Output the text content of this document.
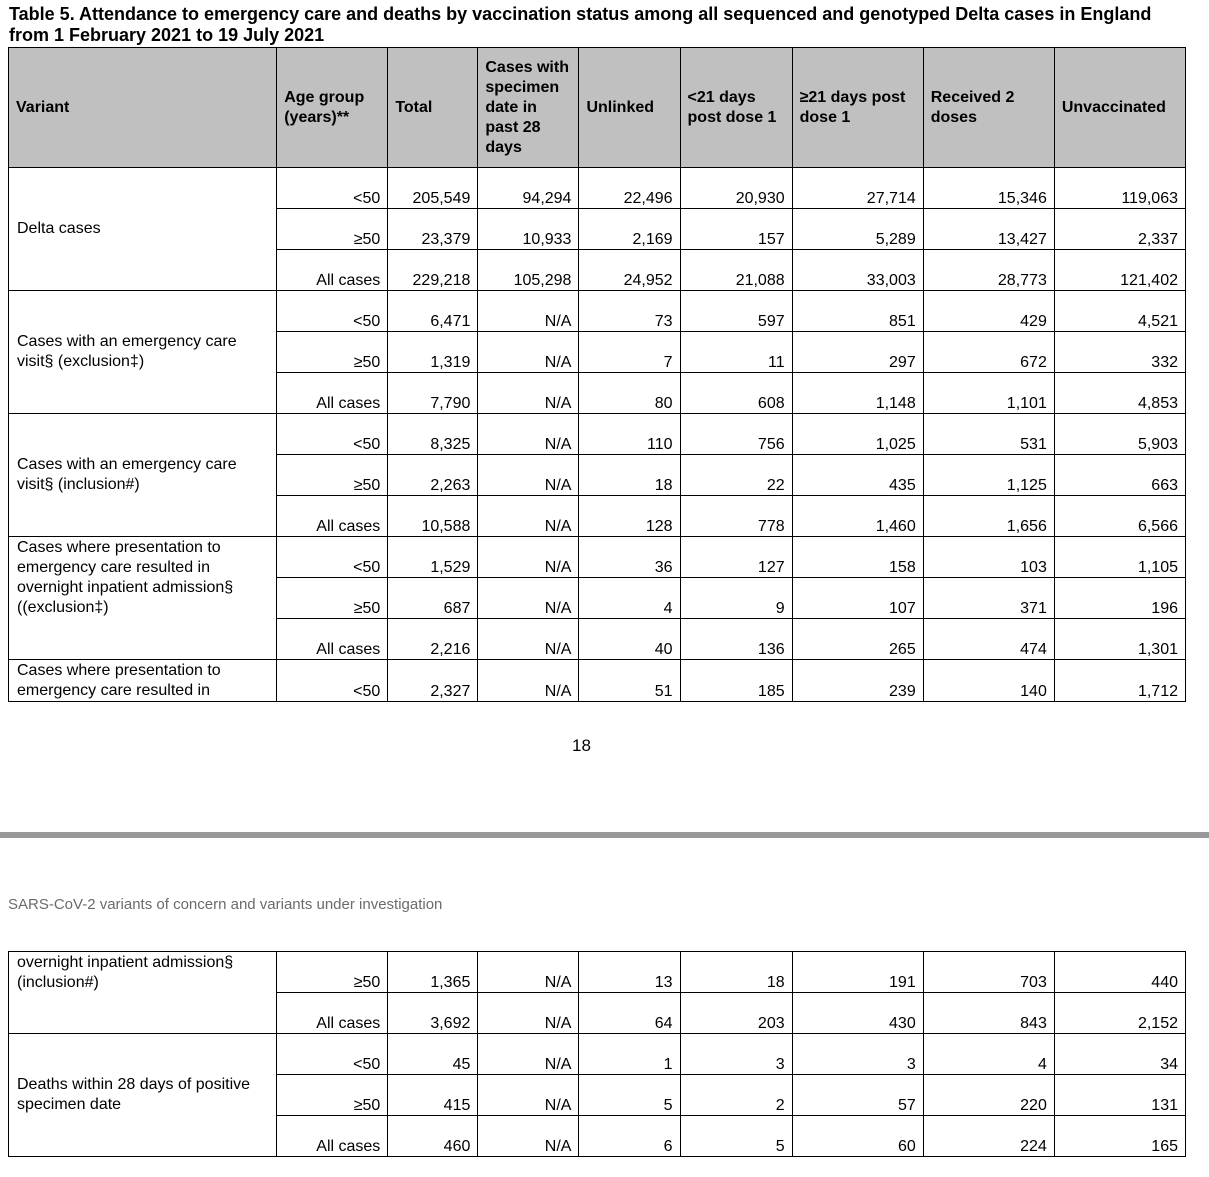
Table 5. Attendance to emergency care and deaths by vaccination status among all sequenced and genotyped Delta cases in England from 1 February 2021 to 19 July 2021
Variant	Age group (years)**	Total	Cases with specimen date in past 28 days	Unlinked	<21 days post dose 1	≥21 days post dose 1	Received 2 doses	Unvaccinated
Delta cases	<50	205,549	94,294	22,496	20,930	27,714	15,346	119,063
	≥50	23,379	10,933	2,169	157	5,289	13,427	2,337
	All cases	229,218	105,298	24,952	21,088	33,003	28,773	121,402
Cases with an emergency care visit§ (exclusion‡)	<50	6,471	N/A	73	597	851	429	4,521
	≥50	1,319	N/A	7	11	297	672	332
	All cases	7,790	N/A	80	608	1,148	1,101	4,853
Cases with an emergency care visit§ (inclusion#)	<50	8,325	N/A	110	756	1,025	531	5,903
	≥50	2,263	N/A	18	22	435	1,125	663
	All cases	10,588	N/A	128	778	1,460	1,656	6,566
Cases where presentation to emergency care resulted in overnight inpatient admission§ ((exclusion‡)	<50	1,529	N/A	36	127	158	103	1,105
	≥50	687	N/A	4	9	107	371	196
	All cases	2,216	N/A	40	136	265	474	1,301
Cases where presentation to emergency care resulted in	<50	2,327	N/A	51	185	239	140	1,712
18
SARS-CoV-2 variants of concern and variants under investigation
overnight inpatient admission§ (inclusion#)	≥50	1,365	N/A	13	18	191	703	440
	All cases	3,692	N/A	64	203	430	843	2,152
Deaths within 28 days of positive specimen date	<50	45	N/A	1	3	3	4	34
	≥50	415	N/A	5	2	57	220	131
	All cases	460	N/A	6	5	60	224	165
